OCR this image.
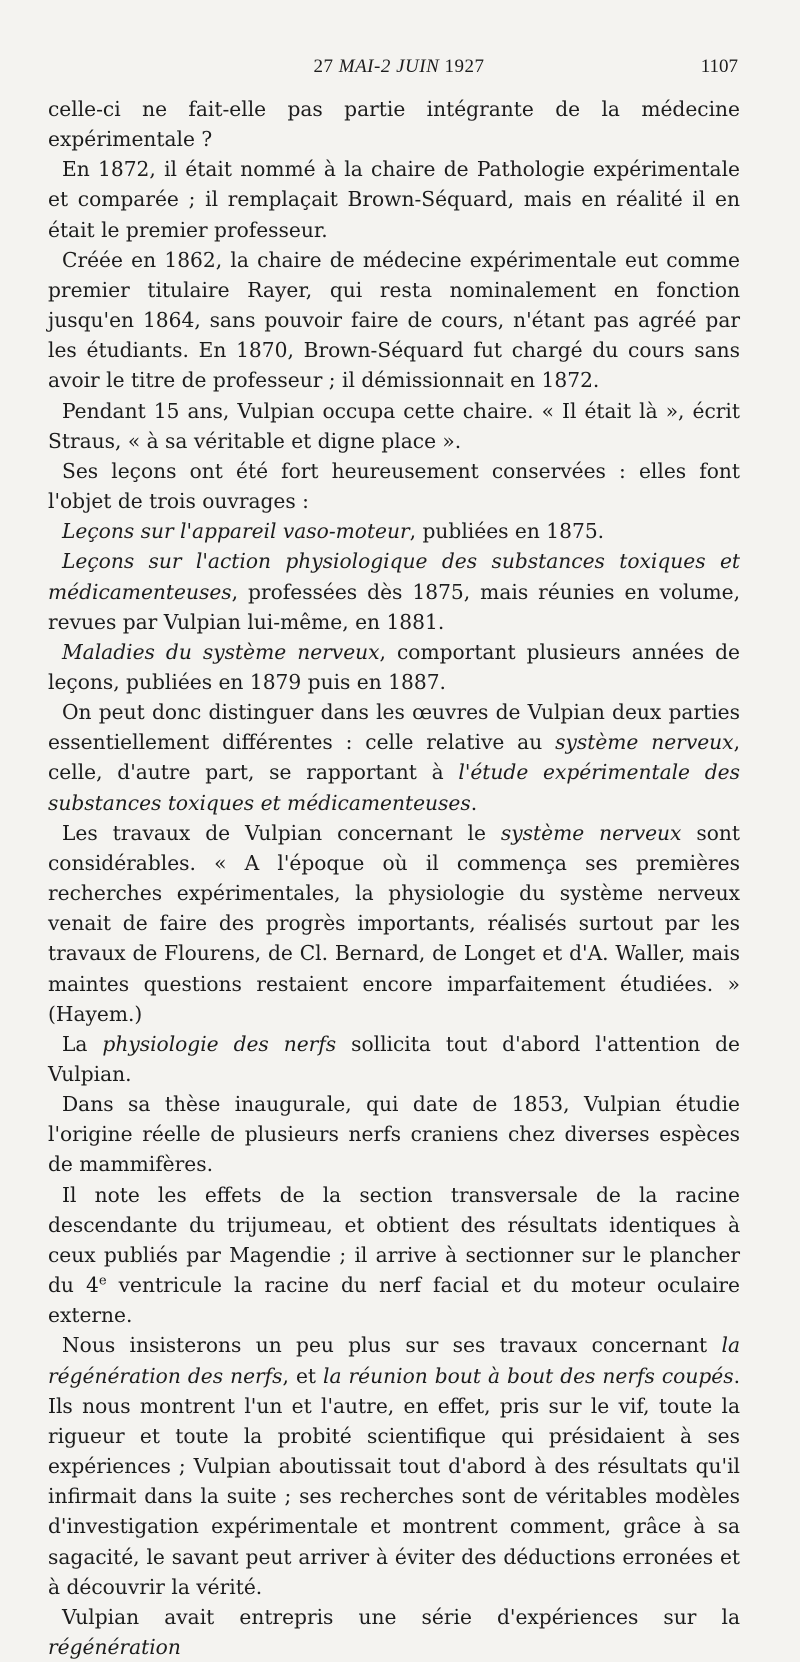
27 MAI-2 JUIN 1927	1107

celle-ci ne fait-elle pas partie intégrante de la médecine expérimentale ?

En 1872, il était nommé à la chaire de Pathologie expérimentale et comparée ; il remplaçait Brown-Séquard, mais en réalité il en était le premier professeur.

Créée en 1862, la chaire de médecine expérimentale eut comme premier titulaire Rayer, qui resta nominalement en fonction jusqu'en 1864, sans pouvoir faire de cours, n'étant pas agréé par les étudiants. En 1870, Brown-Séquard fut chargé du cours sans avoir le titre de professeur ; il démissionnait en 1872.

Pendant 15 ans, Vulpian occupa cette chaire. « Il était là », écrit Straus, « à sa véritable et digne place ».

Ses leçons ont été fort heureusement conservées : elles font l'objet de trois ouvrages :

Leçons sur l'appareil vaso-moteur, publiées en 1875.

Leçons sur l'action physiologique des substances toxiques et médicamenteuses, professées dès 1875, mais réunies en volume, revues par Vulpian lui-même, en 1881.

Maladies du système nerveux, comportant plusieurs années de leçons, publiées en 1879 puis en 1887.

On peut donc distinguer dans les œuvres de Vulpian deux parties essentiellement différentes : celle relative au système nerveux, celle, d'autre part, se rapportant à l'étude expérimentale des substances toxiques et médicamenteuses.

Les travaux de Vulpian concernant le système nerveux sont considérables. « A l'époque où il commença ses premières recherches expérimentales, la physiologie du système nerveux venait de faire des progrès importants, réalisés surtout par les travaux de Flourens, de Cl. Bernard, de Longet et d'A. Waller, mais maintes questions restaient encore imparfaitement étudiées. » (Hayem.)

La physiologie des nerfs sollicita tout d'abord l'attention de Vulpian.

Dans sa thèse inaugurale, qui date de 1853, Vulpian étudie l'origine réelle de plusieurs nerfs craniens chez diverses espèces de mammifères.

Il note les effets de la section transversale de la racine descendante du trijumeau, et obtient des résultats identiques à ceux publiés par Magendie ; il arrive à sectionner sur le plancher du 4e ventricule la racine du nerf facial et du moteur oculaire externe.

Nous insisterons un peu plus sur ses travaux concernant la régénération des nerfs, et la réunion bout à bout des nerfs coupés. Ils nous montrent l'un et l'autre, en effet, pris sur le vif, toute la rigueur et toute la probité scientifique qui présidaient à ses expériences ; Vulpian aboutissait tout d'abord à des résultats qu'il infirmait dans la suite ; ses recherches sont de véritables modèles d'investigation expérimentale et montrent comment, grâce à sa sagacité, le savant peut arriver à éviter des déductions erronées et à découvrir la vérité.

Vulpian avait entrepris une série d'expériences sur la régénération
